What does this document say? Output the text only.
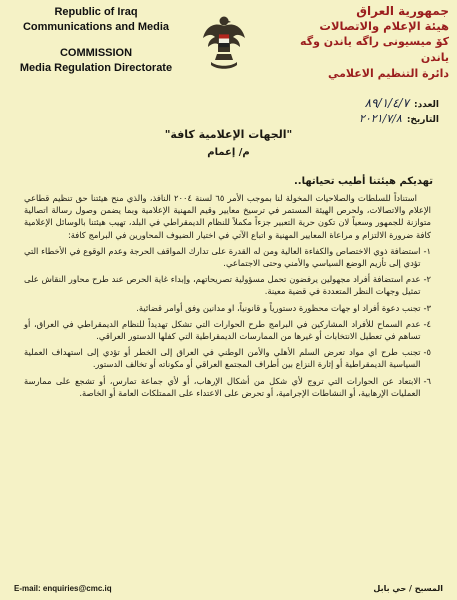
Republic of Iraq
Communications and Media
COMMISSION
Media Regulation Directorate
جمهورية العراق
هيئة الإعلام والاتصالات
كۆ میسیونی راگه یاندن وگه یاندن
دائرة التنظيم الاعلامي
العدد:
٨٩/١/٤/٧
التاريخ:
٢٠٢١/٧/٨
"الجهات الإعلامية كافة"
م/ إعمام
تهديكم هيئتنا أطيب تحياتها..

استناداً للسلطات والصلاحيات المخولة لنا بموجب الأمر ٦٥ لسنة ٢٠٠٤ النافذ، والذي منح هيئتنا حق تنظيم قطاعي الإعلام والاتصالات، ولحرص الهيئة المستمر في ترسيخ معايير وقيم المهنية الإعلامية وبما يضمن وصول رسالة اتصالية متوازنة للجمهور وسعياً لان تكون حرية التعبير جزءاً مكملاً للنظام الديمقراطي في البلد، تهيب هيئتنا بالوسائل الإعلامية كافة ضرورة الالتزام و مراعاة المعايير المهنية و اتباع الآتي في اختيار الضيوف المحاورين في البرامج كافة:

١-
استضافة ذوي الاختصاص والكفاءة العالية ومن له القدرة على تدارك المواقف الحرجة وعدم الوقوع في الأخطاء التي تؤدي إلى تأزيم الوضع السياسي والأمني وحتى الاجتماعي.
٢-
عدم استضافة أفراد مجهولين يرفضون تحمل مسؤولية تصريحاتهم، وإبداء غاية الحرص عند طرح محاور النقاش على تمثيل وجهات النظر المتعددة في قضية معينة.
٣-
تجنب دعوة أفراد او جهات محظورة دستورياً و قانونياً، او مدانين وفق أوامر قضائية.
٤-
عدم السماح للأفراد المشاركين في البرامج طرح الحوارات التي تشكل تهديداً للنظام الديمقراطي في العراق، أو تساهم في تعطيل الانتخابات أو غيرها من الممارسات الديمقراطية التي كفلها الدستور العراقي.
٥-
تجنب طرح اي مواد تعرض السلم الأهلي والأمن الوطني في العراق إلى الخطر أو تؤدي إلى استهداف العملية السياسية الديمقراطية أو إثارة النزاع بين أطراف المجتمع العراقي أو مكوناته أو تخالف الدستور.
٦-
الابتعاد عن الحوارات التي تروج لأي شكل من أشكال الإرهاب، أو لأي جماعة تمارس، أو تشجع على ممارسة العمليات الإرهابية، أو النشاطات الإجرامية، أو تحرض على الاعتداء على الممتلكات العامة أو الخاصة.
E-mail: enquiries@cmc.iq	المسبح / حي بابل
